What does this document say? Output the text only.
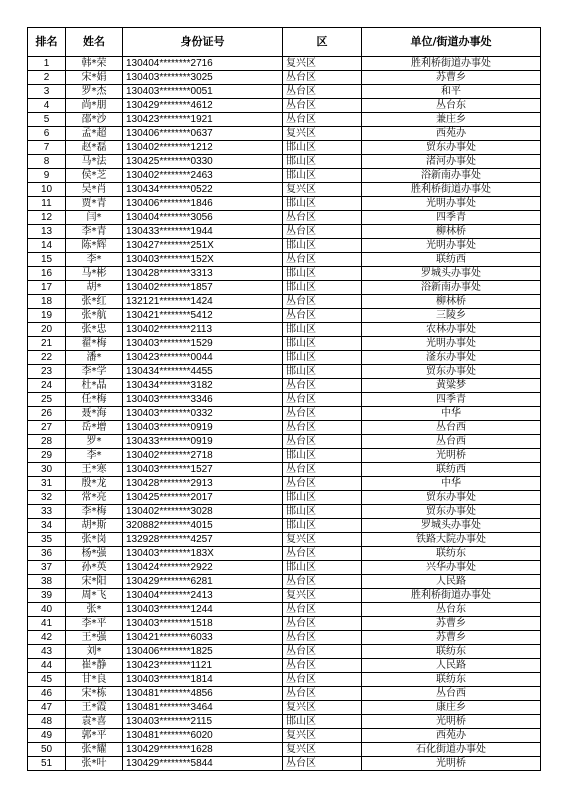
排名	姓名	身份证号	区	单位/街道办事处
1	韩*荣	130404********2716	复兴区	胜利桥街道办事处
2	宋*娟	130403********3025	丛台区	苏曹乡
3	罗*杰	130403********0051	丛台区	和平
4	尚*朋	130429********4612	丛台区	丛台东
5	邵*沙	130423********1921	丛台区	兼庄乡
6	孟*超	130406********0637	复兴区	西苑办
7	赵*磊	130402********1212	邯山区	贸东办事处
8	马*法	130425********0330	邯山区	渚河办事处
9	侯*芝	130402********2463	邯山区	浴新南办事处
10	吴*肖	130434********0522	复兴区	胜利桥街道办事处
11	贾*青	130406********1846	邯山区	光明办事处
12	闫*	130404********3056	丛台区	四季青
13	李*青	130433********1944	丛台区	柳林桥
14	陈*辉	130427********251X	邯山区	光明办事处
15	李*	130403********152X	丛台区	联纺西
16	马*彬	130428********3313	邯山区	罗城头办事处
17	胡*	130402********1857	邯山区	浴新南办事处
18	张*红	132121********1424	丛台区	柳林桥
19	张*航	130421********5412	丛台区	三陵乡
20	张*忠	130402********2113	邯山区	农林办事处
21	翟*梅	130403********1529	邯山区	光明办事处
22	潘*	130423********0044	邯山区	滏东办事处
23	李*学	130434********4455	邯山区	贸东办事处
24	杜*晶	130434********3182	丛台区	黄粱梦
25	任*梅	130403********3346	丛台区	四季青
26	聂*海	130403********0332	丛台区	中华
27	岳*增	130403********0919	丛台区	丛台西
28	罗*	130433********0919	丛台区	丛台西
29	李*	130402********2718	邯山区	光明桥
30	王*寒	130403********1527	丛台区	联纺西
31	殷*龙	130428********2913	丛台区	中华
32	常*亮	130425********2017	邯山区	贸东办事处
33	李*梅	130402********3028	邯山区	贸东办事处
34	胡*斯	320882********4015	邯山区	罗城头办事处
35	张*岗	132928********4257	复兴区	铁路大院办事处
36	杨*强	130403********183X	丛台区	联纺东
37	孙*英	130424********2922	邯山区	兴华办事处
38	宋*阳	130429********6281	丛台区	人民路
39	周*飞	130404********2413	复兴区	胜利桥街道办事处
40	张*	130403********1244	丛台区	丛台东
41	李*平	130403********1518	丛台区	苏曹乡
42	王*强	130421********6033	丛台区	苏曹乡
43	刘*	130406********1825	丛台区	联纺东
44	崔*静	130423********1121	丛台区	人民路
45	甘*良	130403********1814	丛台区	联纺东
46	宋*栋	130481********4856	丛台区	丛台西
47	王*霞	130481********3464	复兴区	康庄乡
48	袁*喜	130403********2115	邯山区	光明桥
49	郭*平	130481********6020	复兴区	西苑办
50	张*耀	130429********1628	复兴区	石化街道办事处
51	张*叶	130429********5844	丛台区	光明桥
